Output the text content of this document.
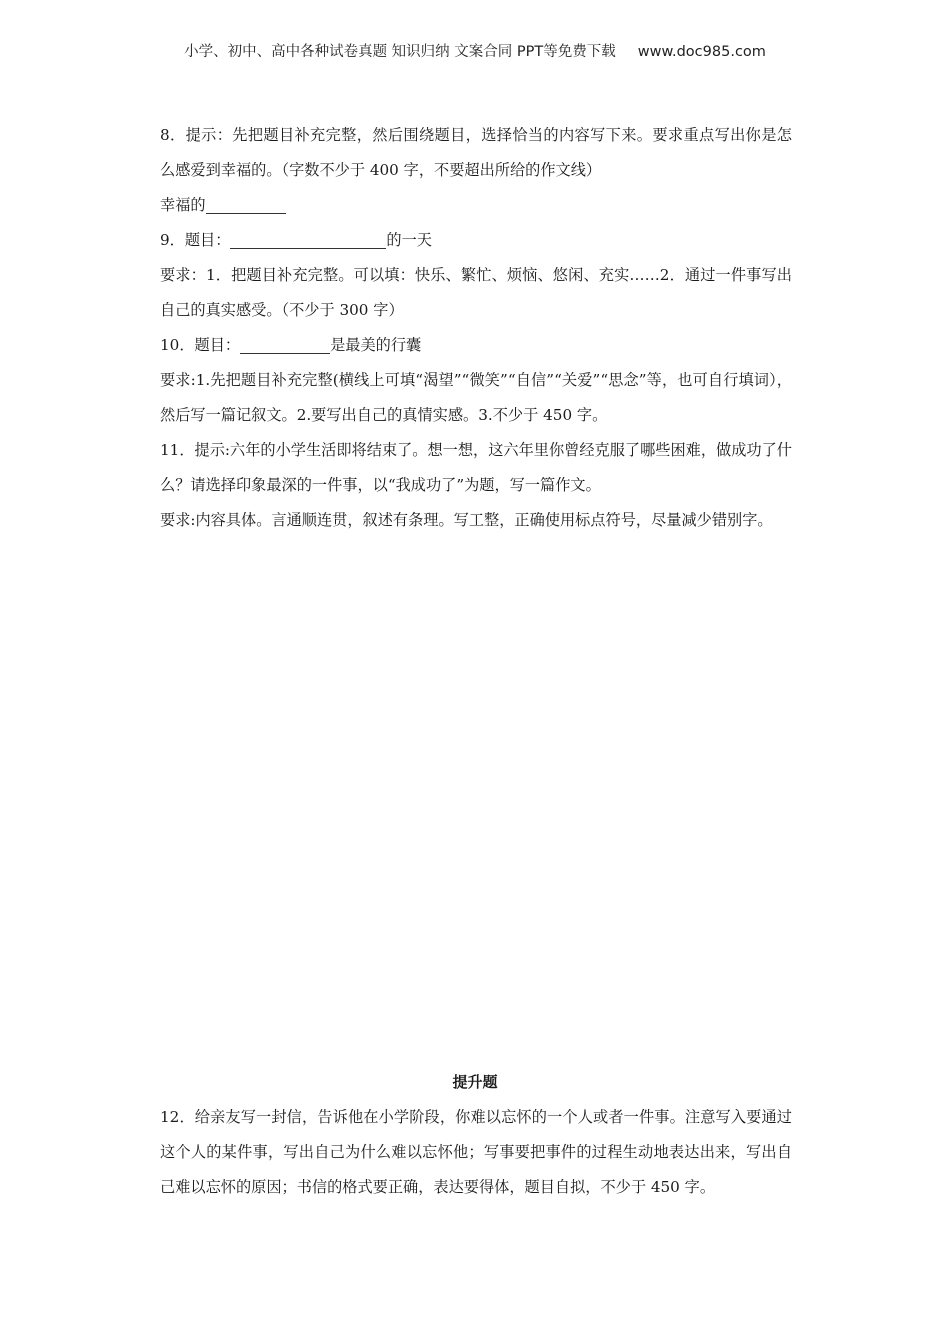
小学、初中、高中各种试卷真题 知识归纳 文案合同 PPT等免费下载 www.doc985.com

8．提示：先把题目补充完整，然后围绕题目，选择恰当的内容写下来。要求重点写出你是怎么感爱到幸福的。（字数不少于 400 字，不要超出所给的作文线）

幸福的

9．题目：	的一天

要求：1．把题目补充完整。可以填：快乐、繁忙、烦恼、悠闲、充实……2．通过一件事写出自己的真实感受。（不少于 300 字）

10．题目：	是最美的行囊

要求:1.先把题目补充完整(横线上可填“渴望”“微笑”“自信”“关爱”“思念”等，也可自行填词），然后写一篇记叙文。2.要写出自己的真情实感。3.不少于 450 字。

11．提示:六年的小学生活即将结束了。想一想，这六年里你曾经克服了哪些困难，做成功了什么？请选择印象最深的一件事，以“我成功了”为题，写一篇作文。

要求:内容具体。言通顺连贯，叙述有条理。写工整，正确使用标点符号，尽量减少错别字。

提升题

12．给亲友写一封信，告诉他在小学阶段，你难以忘怀的一个人或者一件事。注意写入要通过这个人的某件事，写出自己为什么难以忘怀他；写事要把事件的过程生动地表达出来，写出自己难以忘怀的原因；书信的格式要正确，表达要得体，题目自拟，不少于 450 字。
